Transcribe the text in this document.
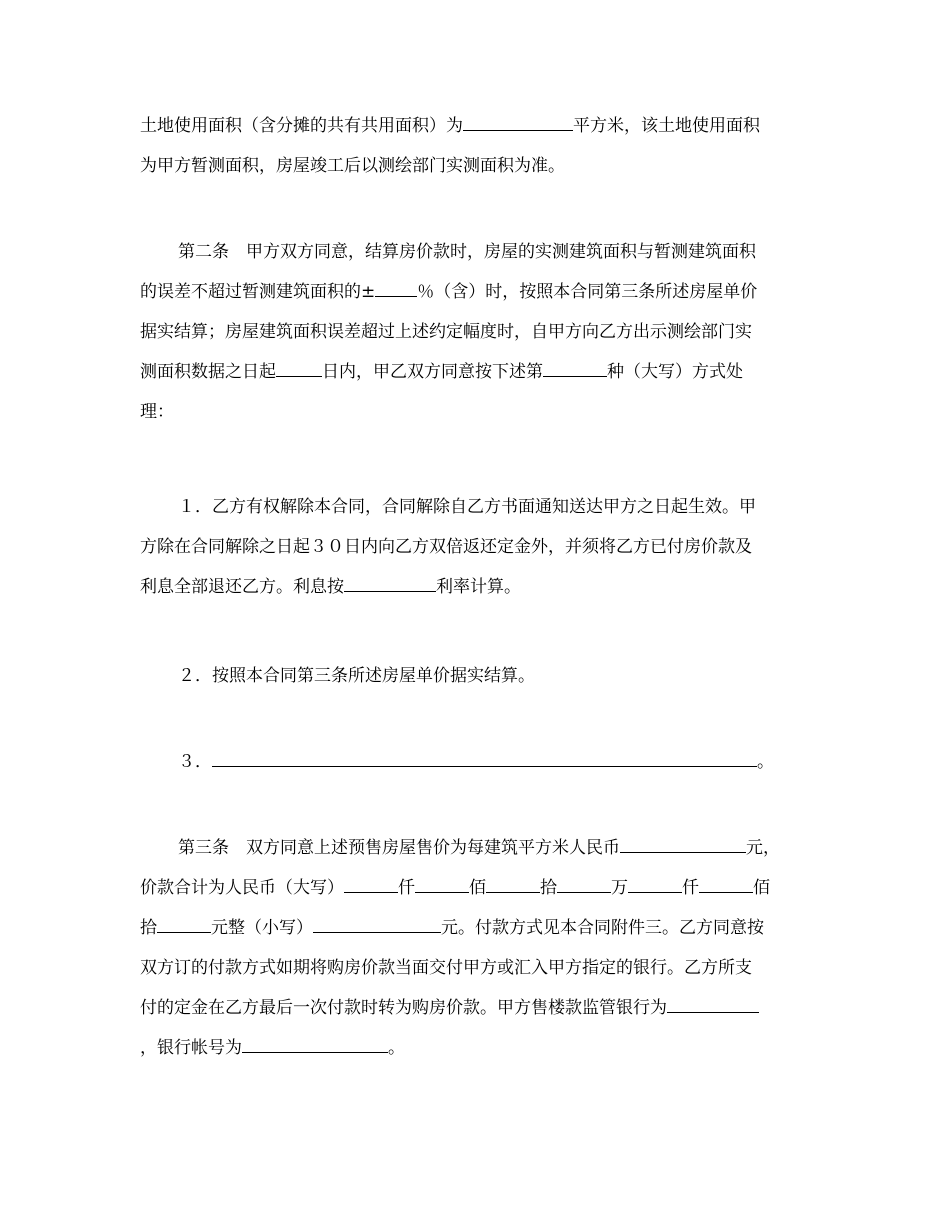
土地使用面积（含分摊的共有共用面积）为	平方米，该土地使用面积
为甲方暂测面积，房屋竣工后以测绘部门实测面积为准。
第二条　甲方双方同意，结算房价款时，房屋的实测建筑面积与暂测建筑面积
的误差不超过暂测建筑面积的± ％（含）时，按照本合同第三条所述房屋单价
据实结算；房屋建筑面积误差超过上述约定幅度时，自甲方向乙方出示测绘部门实
测面积数据之日起	日内，甲乙双方同意按下述第	种（大写）方式处
理：
１．乙方有权解除本合同，合同解除自乙方书面通知送达甲方之日起生效。甲
方除在合同解除之日起３０日内向乙方双倍返还定金外，并须将乙方已付房价款及
利息全部退还乙方。利息按	利率计算。
２．按照本合同第三条所述房屋单价据实结算。
３．	。
第三条　双方同意上述预售房屋售价为每建筑平方米人民币	元，
价款合计为人民币（大写）	仟	佰	拾	万	仟	佰
拾	元整（小写）	元。付款方式见本合同附件三。乙方同意按
双方订的付款方式如期将购房价款当面交付甲方或汇入甲方指定的银行。乙方所支
付的定金在乙方最后一次付款时转为购房价款。甲方售楼款监管银行为
，银行帐号为	。
